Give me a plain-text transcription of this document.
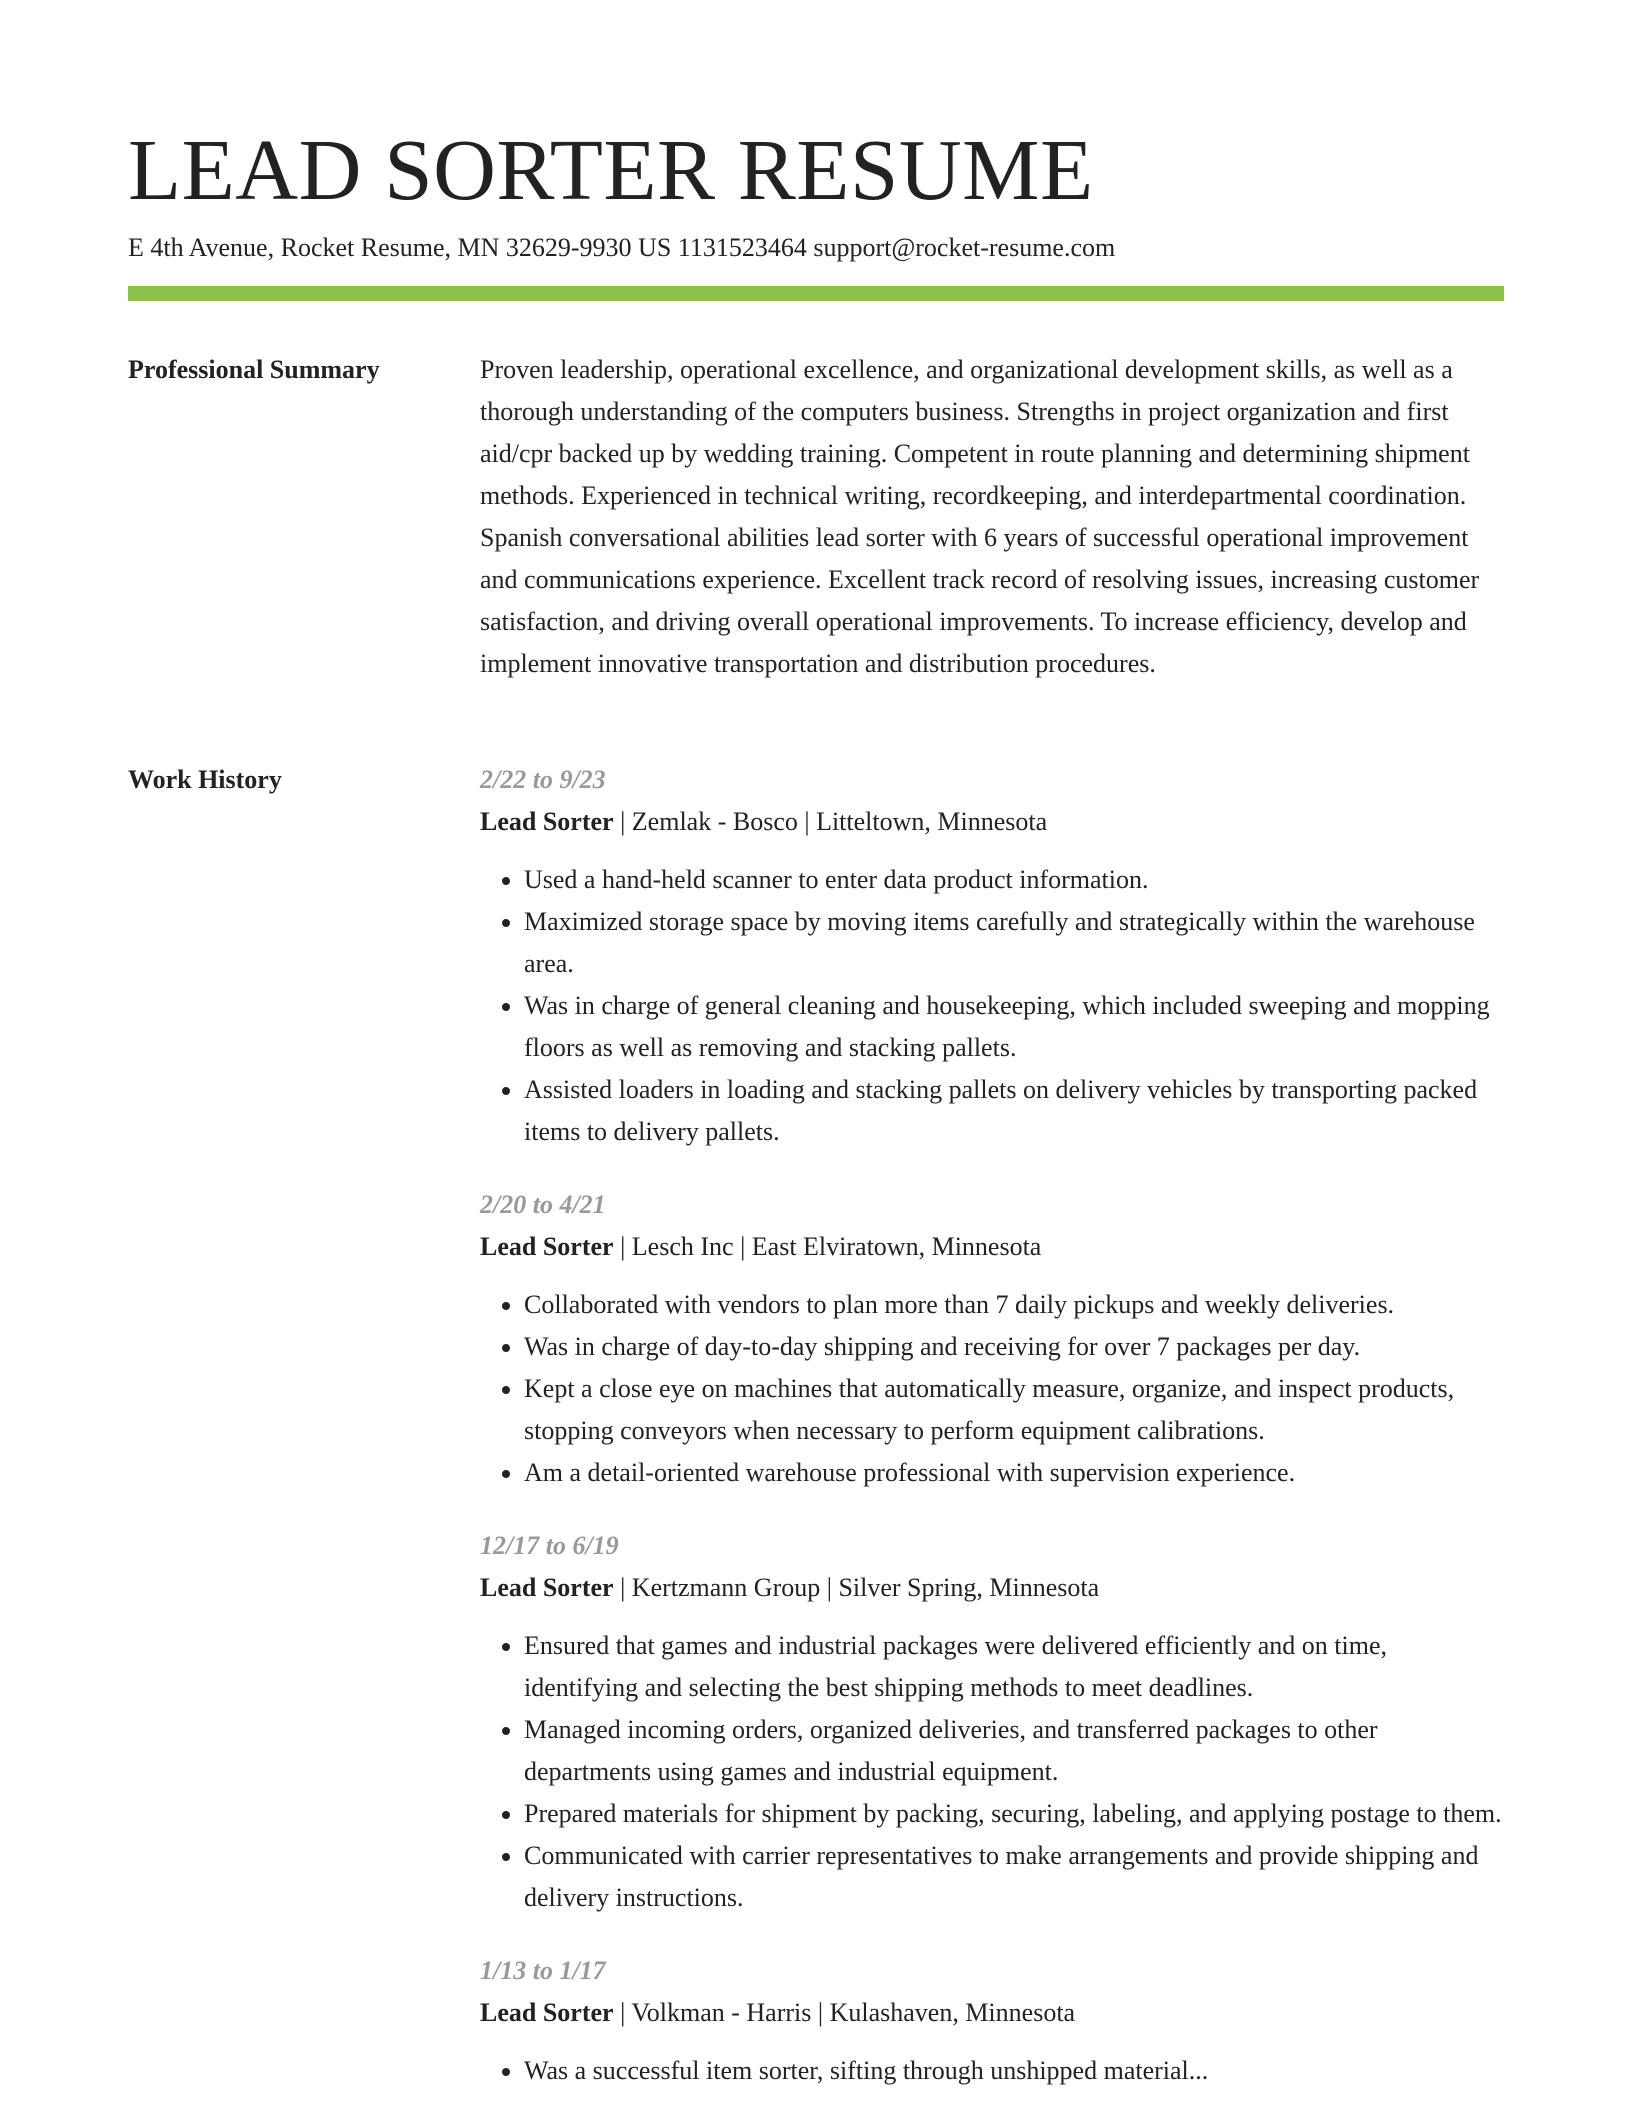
LEAD SORTER RESUME
E 4th Avenue, Rocket Resume, MN 32629-9930 US 1131523464 support@rocket-resume.com
Professional Summary	Proven leadership, operational excellence, and organizational development skills, as well as a thorough understanding of the computers business. Strengths in project organization and first aid/cpr backed up by wedding training. Competent in route planning and determining shipment methods. Experienced in technical writing, recordkeeping, and interdepartmental coordination. Spanish conversational abilities lead sorter with 6 years of successful operational improvement and communications experience. Excellent track record of resolving issues, increasing customer satisfaction, and driving overall operational improvements. To increase efficiency, develop and implement innovative transportation and distribution procedures.

Work History	2/22 to 9/23
Lead Sorter | Zemlak - Bosco | Litteltown, Minnesota
• Used a hand-held scanner to enter data product information.
• Maximized storage space by moving items carefully and strategically within the warehouse area.
• Was in charge of general cleaning and housekeeping, which included sweeping and mopping floors as well as removing and stacking pallets.
• Assisted loaders in loading and stacking pallets on delivery vehicles by transporting packed items to delivery pallets.
2/20 to 4/21
Lead Sorter | Lesch Inc | East Elviratown, Minnesota
• Collaborated with vendors to plan more than 7 daily pickups and weekly deliveries.
• Was in charge of day-to-day shipping and receiving for over 7 packages per day.
• Kept a close eye on machines that automatically measure, organize, and inspect products, stopping conveyors when necessary to perform equipment calibrations.
• Am a detail-oriented warehouse professional with supervision experience.
12/17 to 6/19
Lead Sorter | Kertzmann Group | Silver Spring, Minnesota
• Ensured that games and industrial packages were delivered efficiently and on time, identifying and selecting the best shipping methods to meet deadlines.
• Managed incoming orders, organized deliveries, and transferred packages to other departments using games and industrial equipment.
• Prepared materials for shipment by packing, securing, labeling, and applying postage to them.
• Communicated with carrier representatives to make arrangements and provide shipping and delivery instructions.
1/13 to 1/17
Lead Sorter | Volkman - Harris | Kulashaven, Minnesota
• Was a successful item sorter, sifting through unshipped material...
